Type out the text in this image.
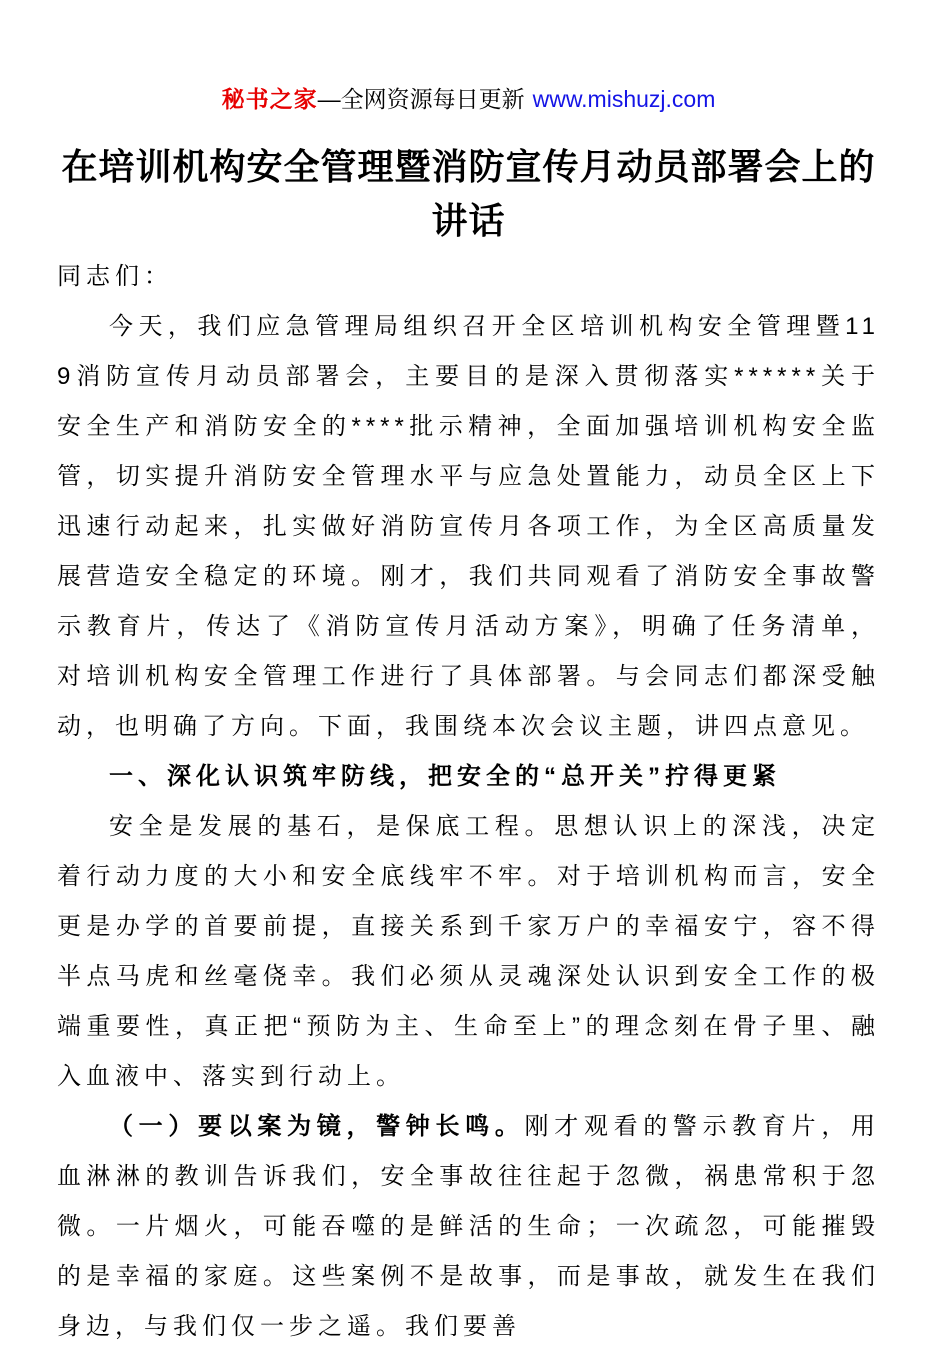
秘书之家—全网资源每日更新 www.mishuzj.com
在培训机构安全管理暨消防宣传月动员部署会上的讲话

同志们：

今天，我们应急管理局组织召开全区培训机构安全管理暨119消防宣传月动员部署会，主要目的是深入贯彻落实******关于安全生产和消防安全的****批示精神，全面加强培训机构安全监管，切实提升消防安全管理水平与应急处置能力，动员全区上下迅速行动起来，扎实做好消防宣传月各项工作，为全区高质量发展营造安全稳定的环境。刚才，我们共同观看了消防安全事故警示教育片，传达了《消防宣传月活动方案》，明确了任务清单，对培训机构安全管理工作进行了具体部署。与会同志们都深受触动，也明确了方向。下面，我围绕本次会议主题，讲四点意见。

一、深化认识筑牢防线，把安全的“总开关”拧得更紧

安全是发展的基石，是保底工程。思想认识上的深浅，决定着行动力度的大小和安全底线牢不牢。对于培训机构而言，安全更是办学的首要前提，直接关系到千家万户的幸福安宁，容不得半点马虎和丝毫侥幸。我们必须从灵魂深处认识到安全工作的极端重要性，真正把“预防为主、生命至上”的理念刻在骨子里、融入血液中、落实到行动上。

（一）要以案为镜，警钟长鸣。刚才观看的警示教育片，用血淋淋的教训告诉我们，安全事故往往起于忽微，祸患常积于忽微。一片烟火，可能吞噬的是鲜活的生命；一次疏忽，可能摧毁的是幸福的家庭。这些案例不是故事，而是事故，就发生在我们身边，与我们仅一步之遥。我们要善
